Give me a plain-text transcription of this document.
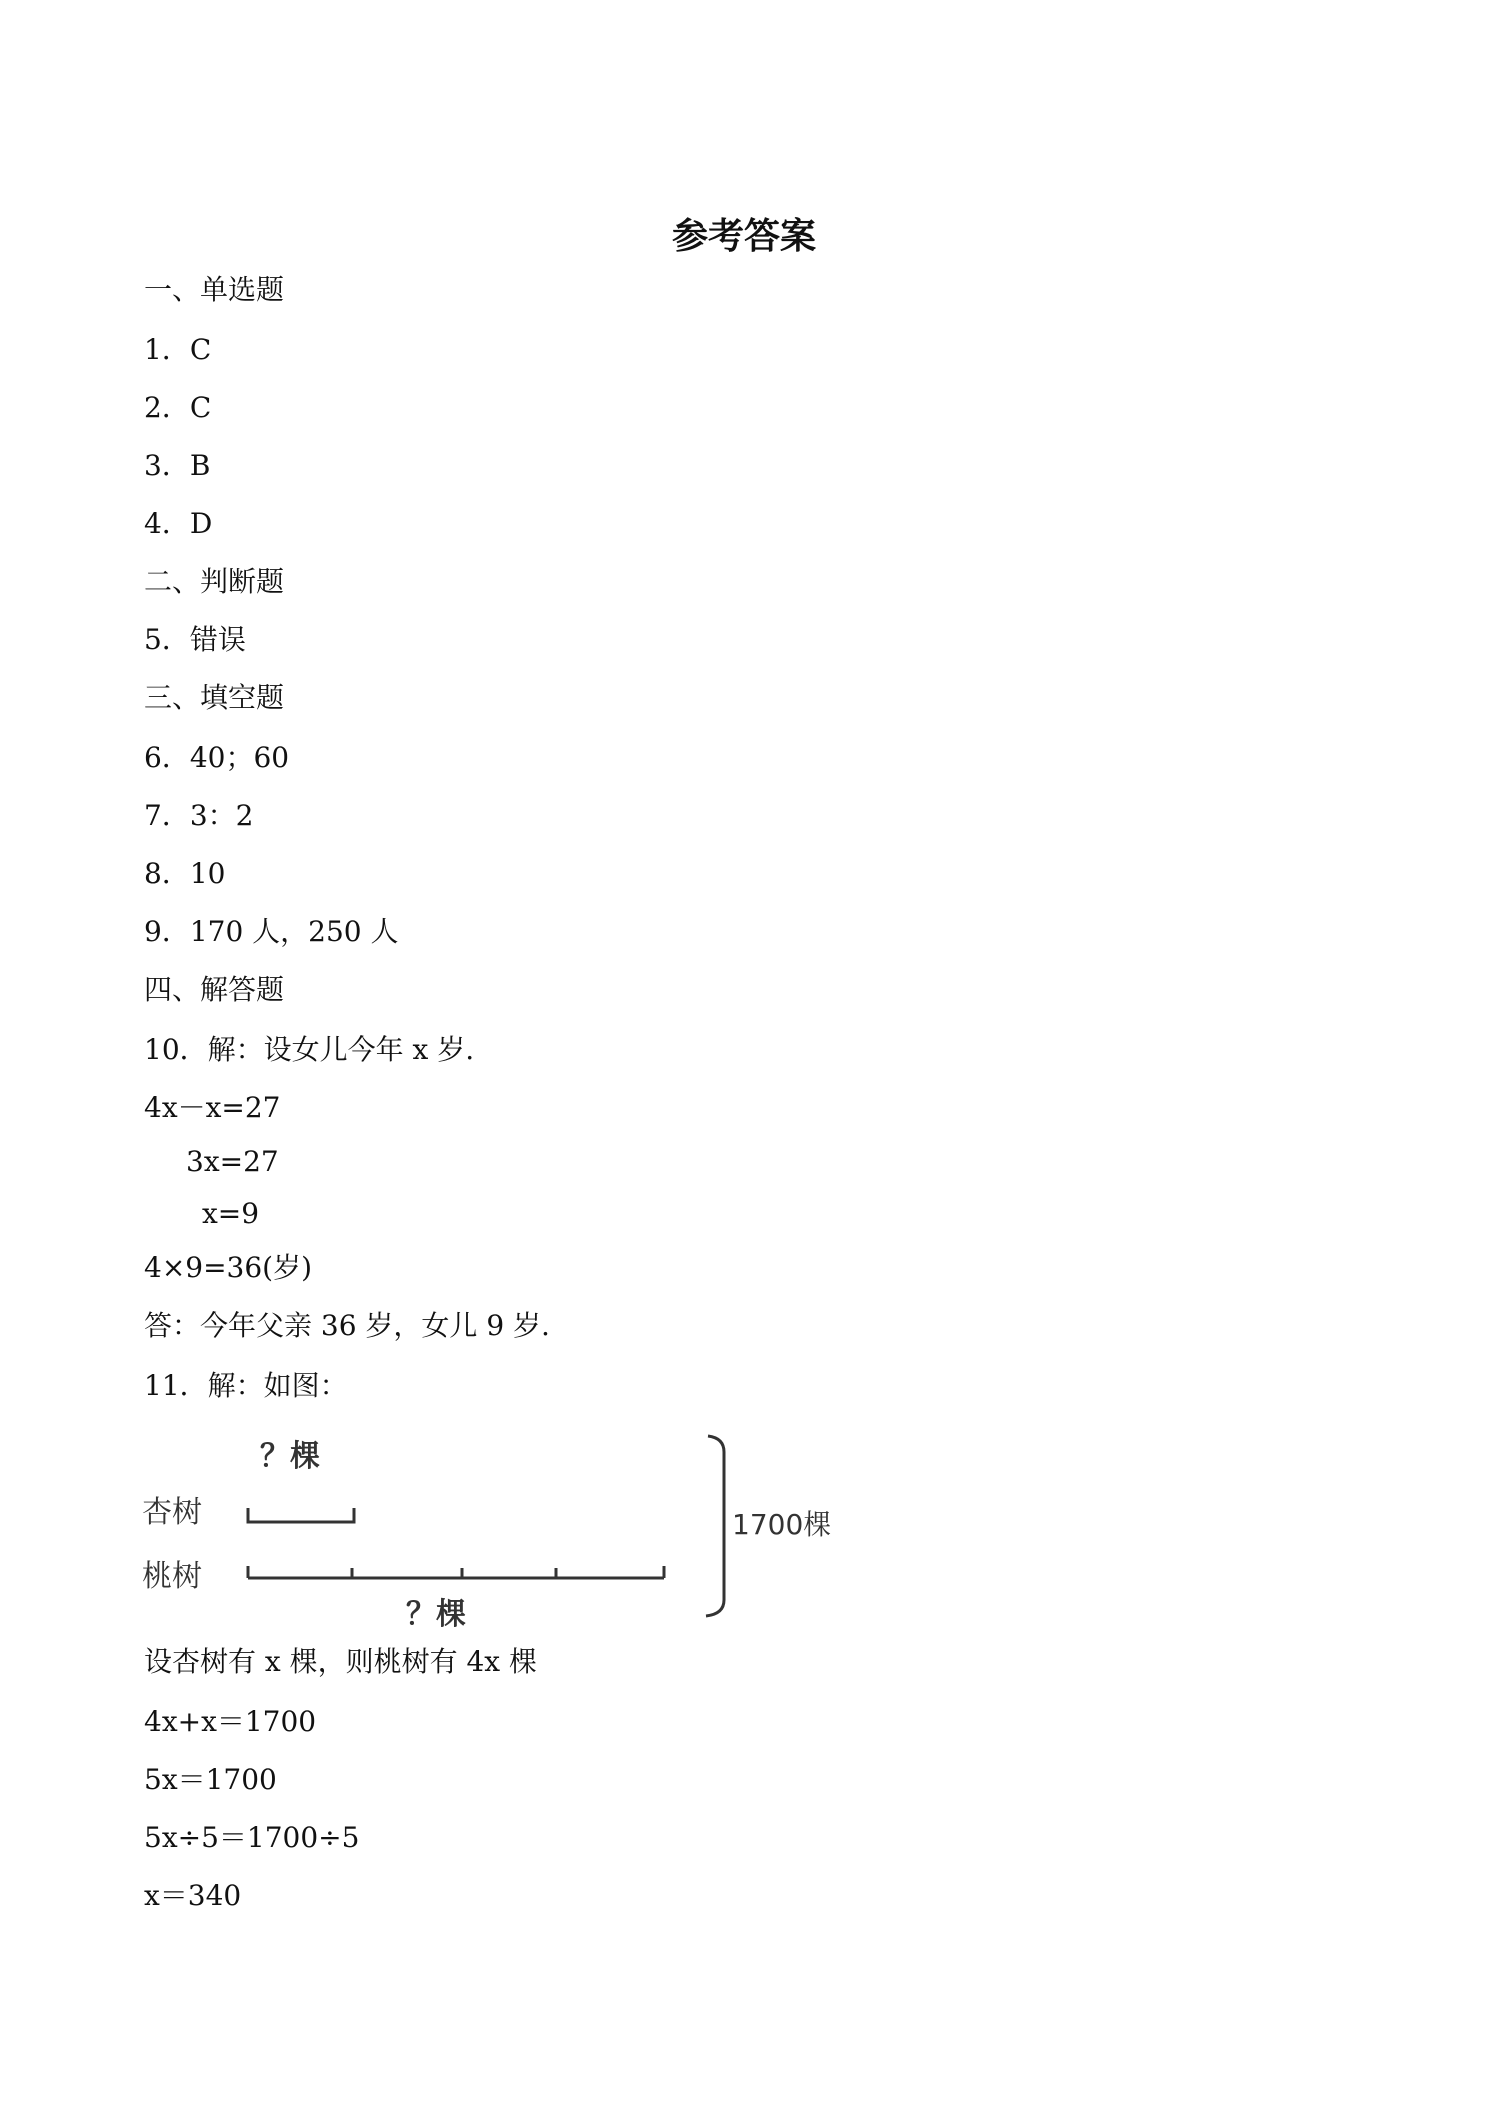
参考答案
一、单选题
1．C
2．C
3．B
4．D
二、判断题
5．错误
三、填空题
6．40；60
7．3：2
8．10
9．170 人，250 人
四、解答题
10．解：设女儿今年 x 岁.
4x－x=27
3x=27
x=9
4×9=36(岁)
答：今年父亲 36 岁，女儿 9 岁.
11．解：如图：
？棵
杏树
桃树
？棵
1700棵
设杏树有 x 棵，则桃树有 4x 棵
4x+x＝1700
5x＝1700
5x÷5＝1700÷5
x＝340
